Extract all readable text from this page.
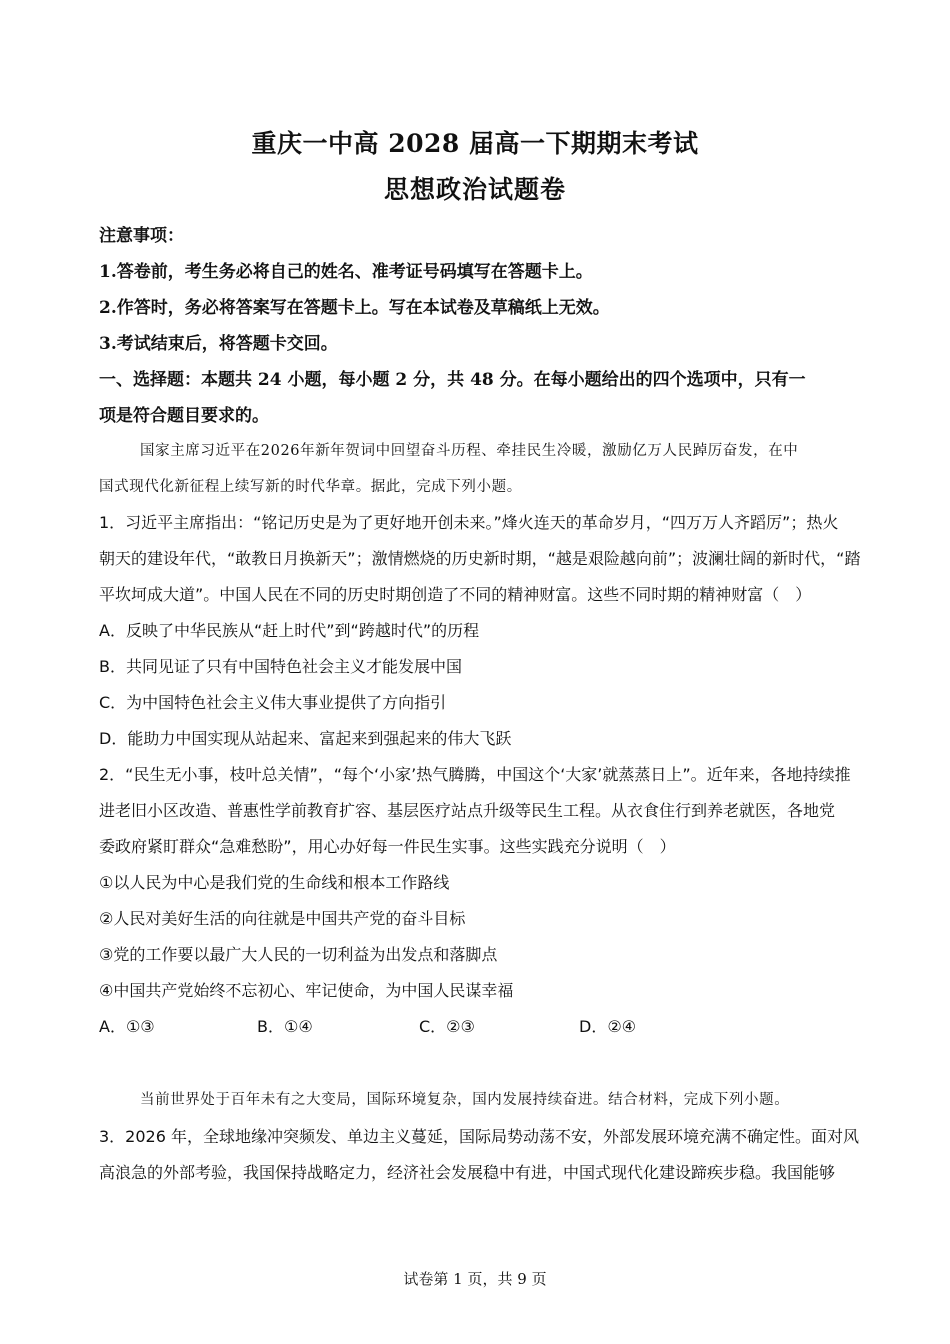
重庆一中高 2028 届高一下期期末考试
思想政治试题卷
注意事项：
1.答卷前，考生务必将自己的姓名、准考证号码填写在答题卡上。
2.作答时，务必将答案写在答题卡上。写在本试卷及草稿纸上无效。
3.考试结束后，将答题卡交回。
一、选择题：本题共 24 小题，每小题 2 分，共 48 分。在每小题给出的四个选项中，只有一
项是符合题目要求的。
国家主席习近平在2026年新年贺词中回望奋斗历程、牵挂民生冷暖，激励亿万人民踔厉奋发，在中
国式现代化新征程上续写新的时代华章。据此，完成下列小题。
1．习近平主席指出：“铭记历史是为了更好地开创未来。”烽火连天的革命岁月，“四万万人齐蹈厉”；热火
朝天的建设年代，“敢教日月换新天”；激情燃烧的历史新时期，“越是艰险越向前”；波澜壮阔的新时代，“踏
平坎坷成大道”。中国人民在不同的历史时期创造了不同的精神财富。这些不同时期的精神财富（　）
A．反映了中华民族从“赶上时代”到“跨越时代”的历程
B．共同见证了只有中国特色社会主义才能发展中国
C．为中国特色社会主义伟大事业提供了方向指引
D．能助力中国实现从站起来、富起来到强起来的伟大飞跃
2．“民生无小事，枝叶总关情”，“每个‘小家’热气腾腾，中国这个‘大家’就蒸蒸日上”。近年来，各地持续推
进老旧小区改造、普惠性学前教育扩容、基层医疗站点升级等民生工程。从衣食住行到养老就医，各地党
委政府紧盯群众“急难愁盼”，用心办好每一件民生实事。这些实践充分说明（　）
①以人民为中心是我们党的生命线和根本工作路线
②人民对美好生活的向往就是中国共产党的奋斗目标
③党的工作要以最广大人民的一切利益为出发点和落脚点
④中国共产党始终不忘初心、牢记使命，为中国人民谋幸福
A．①③	B．①④	C．②③	D．②④
当前世界处于百年未有之大变局，国际环境复杂，国内发展持续奋进。结合材料，完成下列小题。
3．2026 年，全球地缘冲突频发、单边主义蔓延，国际局势动荡不安，外部发展环境充满不确定性。面对风
高浪急的外部考验，我国保持战略定力，经济社会发展稳中有进，中国式现代化建设蹄疾步稳。我国能够
试卷第 1 页，共 9 页
